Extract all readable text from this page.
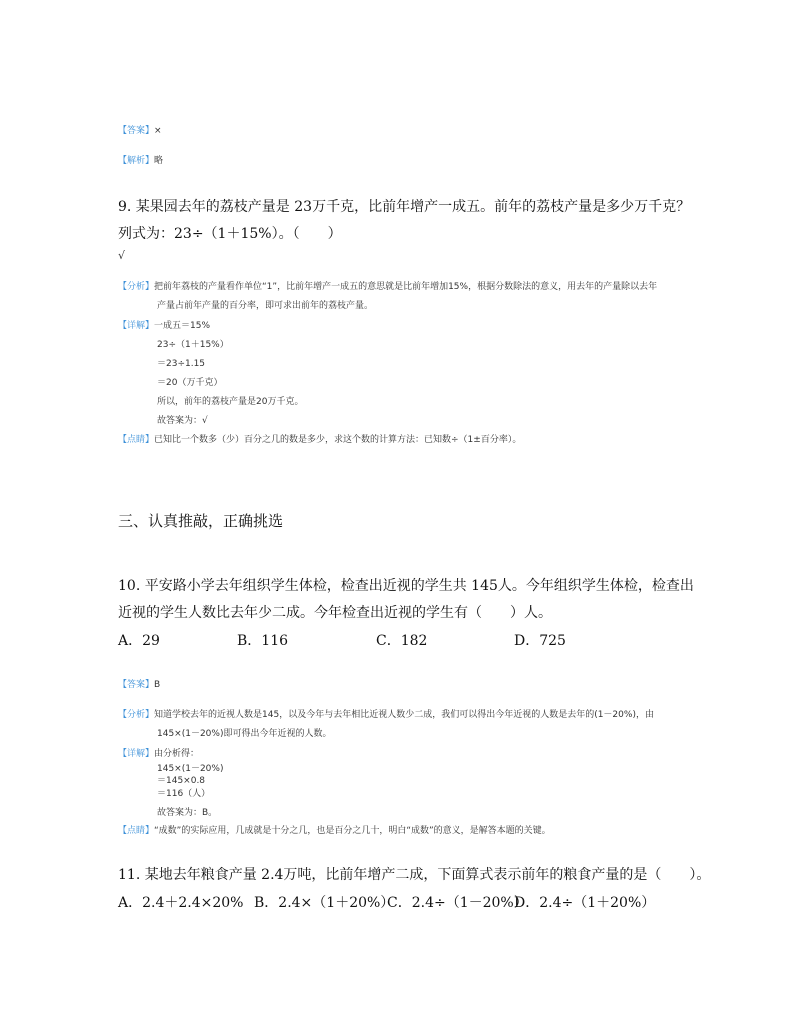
【答案】×
【解析】略
9. 某果园去年的荔枝产量是 23万千克，比前年增产一成五。前年的荔枝产量是多少万千克？
列式为：23÷（1＋15%）。（　　）
√
【分析】把前年荔枝的产量看作单位“1”，比前年增产一成五的意思就是比前年增加15%，根据分数除法的意义，用去年的产量除以去年
产量占前年产量的百分率，即可求出前年的荔枝产量。
【详解】一成五＝15%
23÷（1＋15%）
＝23÷1.15
＝20（万千克）
所以，前年的荔枝产量是20万千克。
故答案为：√
【点睛】已知比一个数多（少）百分之几的数是多少，求这个数的计算方法：已知数÷（1±百分率）。
三、认真推敲，正确挑选
10. 平安路小学去年组织学生体检，检查出近视的学生共 145人。今年组织学生体检，检查出
近视的学生人数比去年少二成。今年检查出近视的学生有（　　）人。
A．29	B．116	C．182	D．725
【答案】B
【分析】知道学校去年的近视人数是145，以及今年与去年相比近视人数少二成，我们可以得出今年近视的人数是去年的(1－20%)，由
145×(1－20%)即可得出今年近视的人数。
【详解】由分析得：
145×(1－20%)
＝145×0.8
＝116（人）
故答案为：B。
【点睛】“成数”的实际应用，几成就是十分之几，也是百分之几十，明白“成数”的意义，是解答本题的关键。
11. 某地去年粮食产量 2.4万吨，比前年增产二成，下面算式表示前年的粮食产量的是（　　）。
A．2.4＋2.4×20% B．2.4×（1＋20%）
C．2.4÷（1－20%）
D．2.4÷（1＋20%）
